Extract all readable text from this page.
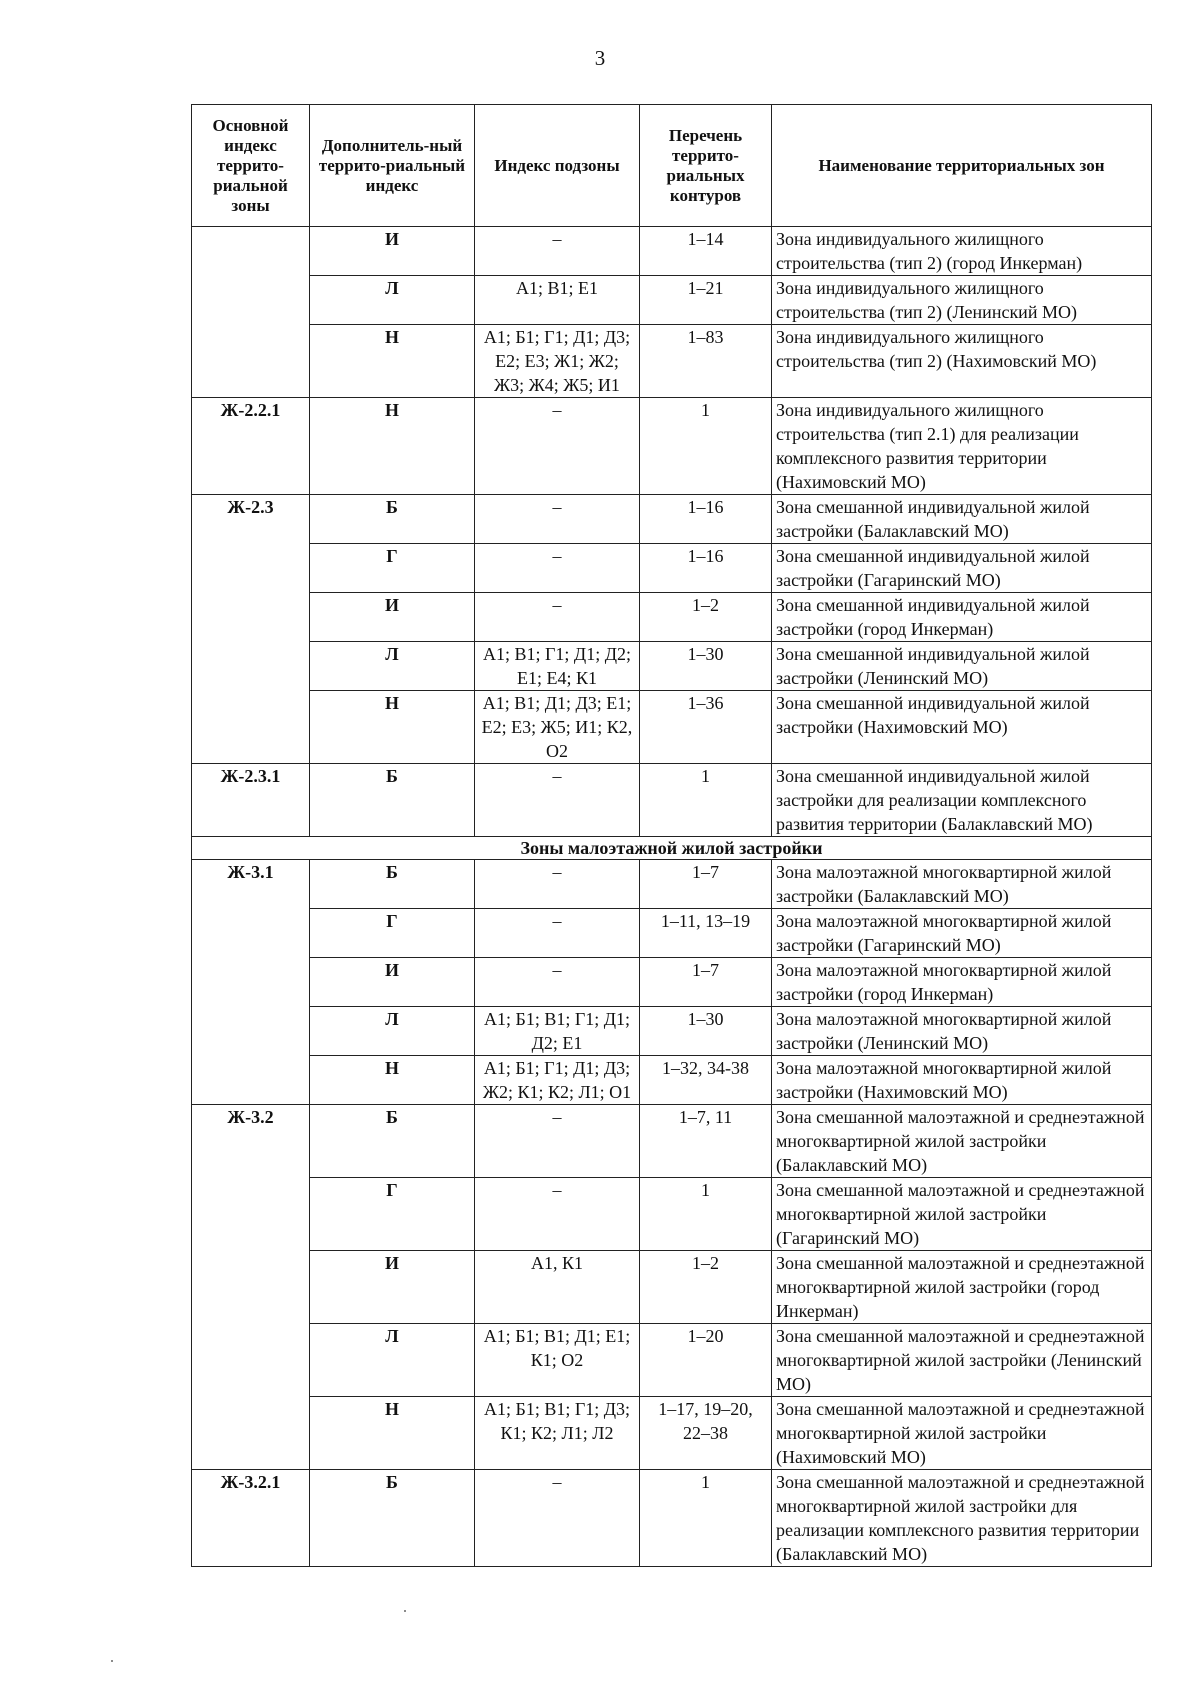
3
Основной индекс террито-риальной зоны	Дополнитель-ный террито-риальный индекс	Индекс подзоны	Перечень террито-риальных контуров	Наименование территориальных зон
	И	–	1–14	Зона индивидуального жилищного строительства (тип 2) (город Инкерман)
	Л	А1; В1; Е1	1–21	Зона индивидуального жилищного строительства (тип 2) (Ленинский МО)
	Н	А1; Б1; Г1; Д1; Д3; Е2; Е3; Ж1; Ж2; Ж3; Ж4; Ж5; И1	1–83	Зона индивидуального жилищного строительства (тип 2) (Нахимовский МО)
Ж-2.2.1	Н	–	1	Зона индивидуального жилищного строительства (тип 2.1) для реализации комплексного развития территории (Нахимовский МО)
Ж-2.3	Б	–	1–16	Зона смешанной индивидуальной жилой застройки (Балаклавский МО)
	Г	–	1–16	Зона смешанной индивидуальной жилой застройки (Гагаринский МО)
	И	–	1–2	Зона смешанной индивидуальной жилой застройки (город Инкерман)
	Л	А1; В1; Г1; Д1; Д2; Е1; Е4; К1	1–30	Зона смешанной индивидуальной жилой застройки (Ленинский МО)
	Н	А1; В1; Д1; Д3; Е1; Е2; Е3; Ж5; И1; К2, О2	1–36	Зона смешанной индивидуальной жилой застройки (Нахимовский МО)
Ж-2.3.1	Б	–	1	Зона смешанной индивидуальной жилой застройки для реализации комплексного развития территории (Балаклавский МО)
Зоны малоэтажной жилой застройки				
Ж-3.1	Б	–	1–7	Зона малоэтажной многоквартирной жилой застройки (Балаклавский МО)
	Г	–	1–11, 13–19	Зона малоэтажной многоквартирной жилой застройки (Гагаринский МО)
	И	–	1–7	Зона малоэтажной многоквартирной жилой застройки (город Инкерман)
	Л	А1; Б1; В1; Г1; Д1; Д2; Е1	1–30	Зона малоэтажной многоквартирной жилой застройки (Ленинский МО)
	Н	А1; Б1; Г1; Д1; Д3; Ж2; К1; К2; Л1; О1	1–32, 34-38	Зона малоэтажной многоквартирной жилой застройки (Нахимовский МО)
Ж-3.2	Б	–	1–7, 11	Зона смешанной малоэтажной и среднеэтажной многоквартирной жилой застройки (Балаклавский МО)
	Г	–	1	Зона смешанной малоэтажной и среднеэтажной многоквартирной жилой застройки (Гагаринский МО)
	И	А1, К1	1–2	Зона смешанной малоэтажной и среднеэтажной многоквартирной жилой застройки (город Инкерман)
	Л	А1; Б1; В1; Д1; Е1; К1; О2	1–20	Зона смешанной малоэтажной и среднеэтажной многоквартирной жилой застройки (Ленинский МО)
	Н	А1; Б1; В1; Г1; Д3; К1; К2; Л1; Л2	1–17, 19–20, 22–38	Зона смешанной малоэтажной и среднеэтажной многоквартирной жилой застройки (Нахимовский МО)
Ж-3.2.1	Б	–	1	Зона смешанной малоэтажной и среднеэтажной многоквартирной жилой застройки для реализации комплексного развития территории (Балаклавский МО)
